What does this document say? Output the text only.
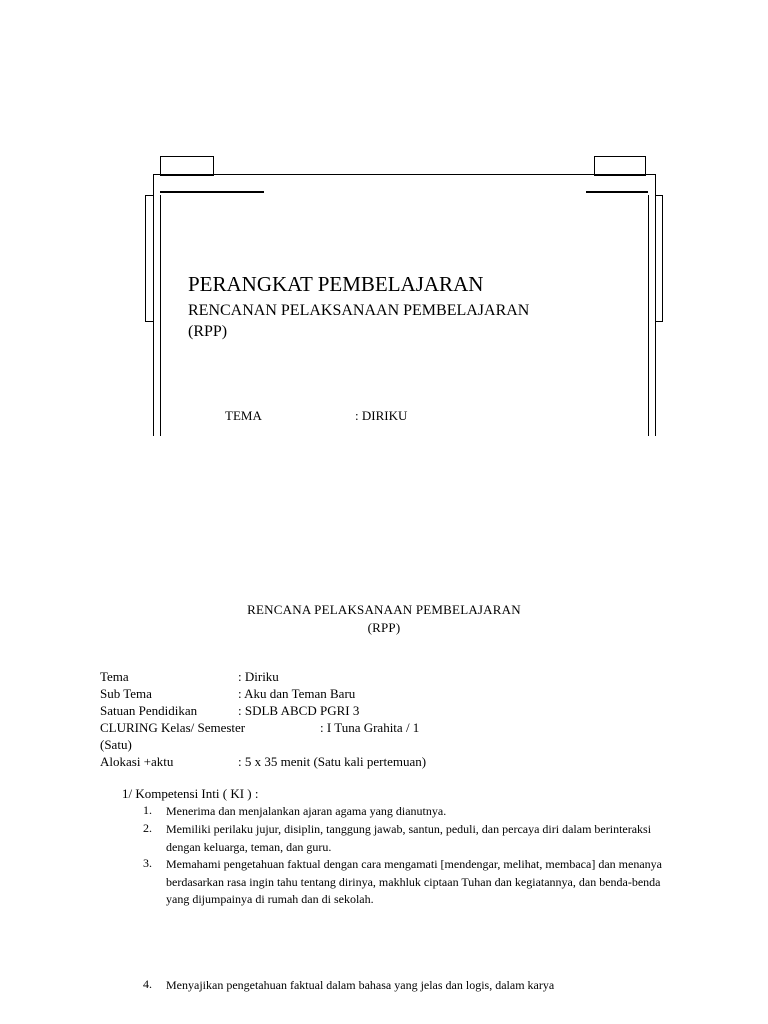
PERANGKAT PEMBELAJARAN
RENCANAN PELAKSANAAN PEMBELAJARAN
(RPP)
TEMA	: DIRIKU
RENCANA PELAKSANAAN PEMBELAJARAN
(RPP)
Tema	: Diriku
Sub Tema	: Aku dan Teman Baru
Satuan Pendidikan	: SDLB ABCD PGRI 3
CLURING Kelas/ Semester	: I Tuna Grahita / 1
(Satu)
Alokasi +aktu	: 5 x 35 menit (Satu kali pertemuan)
1/ Kompetensi Inti ( KI ) :
1. Menerima dan menjalankan ajaran agama yang dianutnya.
2. Memiliki perilaku jujur, disiplin, tanggung jawab, santun, peduli, dan percaya diri dalam berinteraksi dengan keluarga, teman, dan guru.
3. Memahami pengetahuan faktual dengan cara mengamati [mendengar, melihat, membaca] dan menanya berdasarkan rasa ingin tahu tentang dirinya, makhluk ciptaan Tuhan dan kegiatannya, dan benda-benda yang dijumpainya di rumah dan di sekolah.
4. Menyajikan pengetahuan faktual dalam bahasa yang jelas dan logis, dalam karya
